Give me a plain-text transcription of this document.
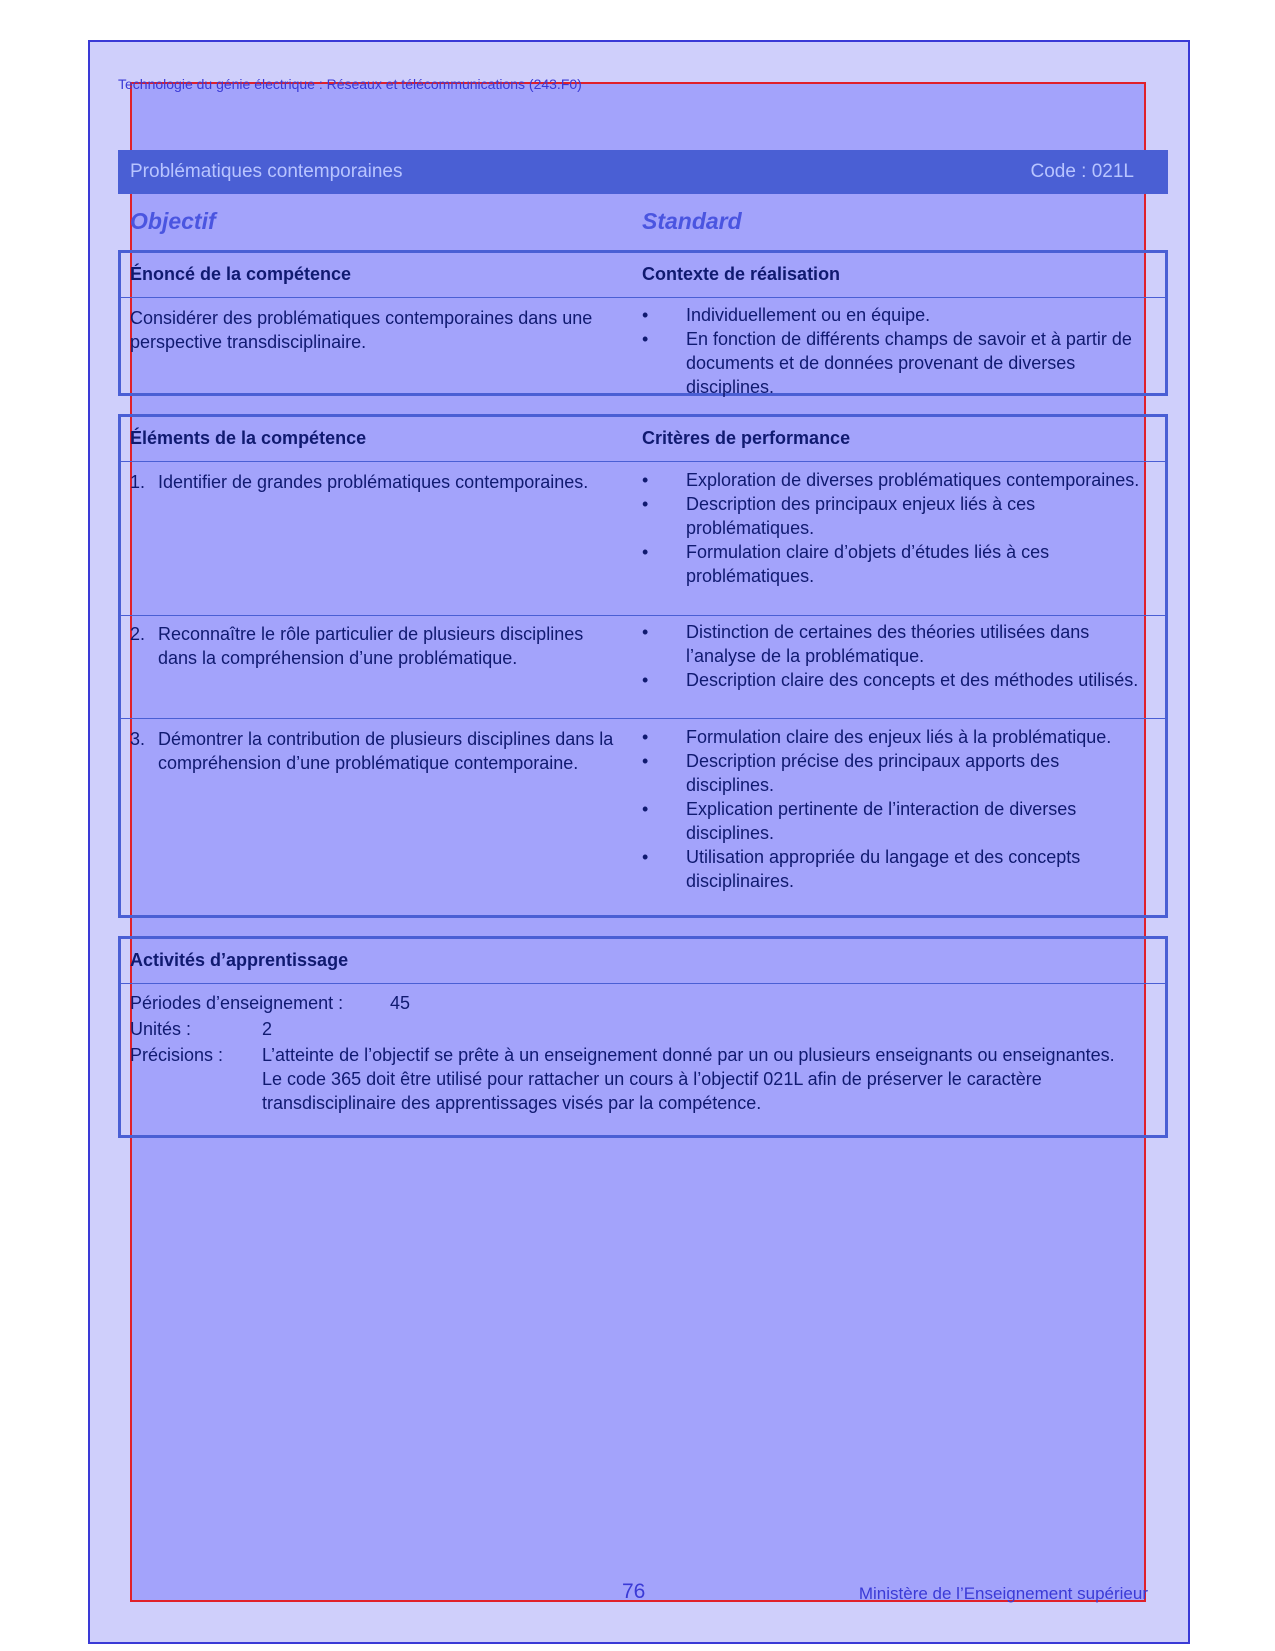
Technologie du génie électrique : Réseaux et télécommunications (243.F0)
Problématiques contemporaines	Code : 021L
Objectif	Standard
Énoncé de la compétence	Contexte de réalisation
Considérer des problématiques contemporaines dans une perspective transdisciplinaire.
•	Individuellement ou en équipe.
•	En fonction de différents champs de savoir et à partir de documents et de données provenant de diverses disciplines.
Éléments de la compétence	Critères de performance
1. Identifier de grandes problématiques contemporaines.	•	Exploration de diverses problématiques contemporaines.
•	Description des principaux enjeux liés à ces problématiques.
•	Formulation claire d’objets d’études liés à ces problématiques.
2. Reconnaître le rôle particulier de plusieurs disciplines dans la compréhension d’une problématique.
•	Distinction de certaines des théories utilisées dans l’analyse de la problématique.
•	Description claire des concepts et des méthodes utilisés.
3. Démontrer la contribution de plusieurs disciplines dans la compréhension d’une problématique contemporaine.
•	Formulation claire des enjeux liés à la problématique.
•	Description précise des principaux apports des disciplines.
•	Explication pertinente de l’interaction de diverses disciplines.
•	Utilisation appropriée du langage et des concepts disciplinaires.
Activités d’apprentissage
Périodes d’enseignement :	45
Unités :	2
Précisions :	L’atteinte de l’objectif se prête à un enseignement donné par un ou plusieurs enseignants ou enseignantes.
Le code 365 doit être utilisé pour rattacher un cours à l’objectif 021L afin de préserver le caractère transdisciplinaire des apprentissages visés par la compétence.
76	Ministère de l’Enseignement supérieur
